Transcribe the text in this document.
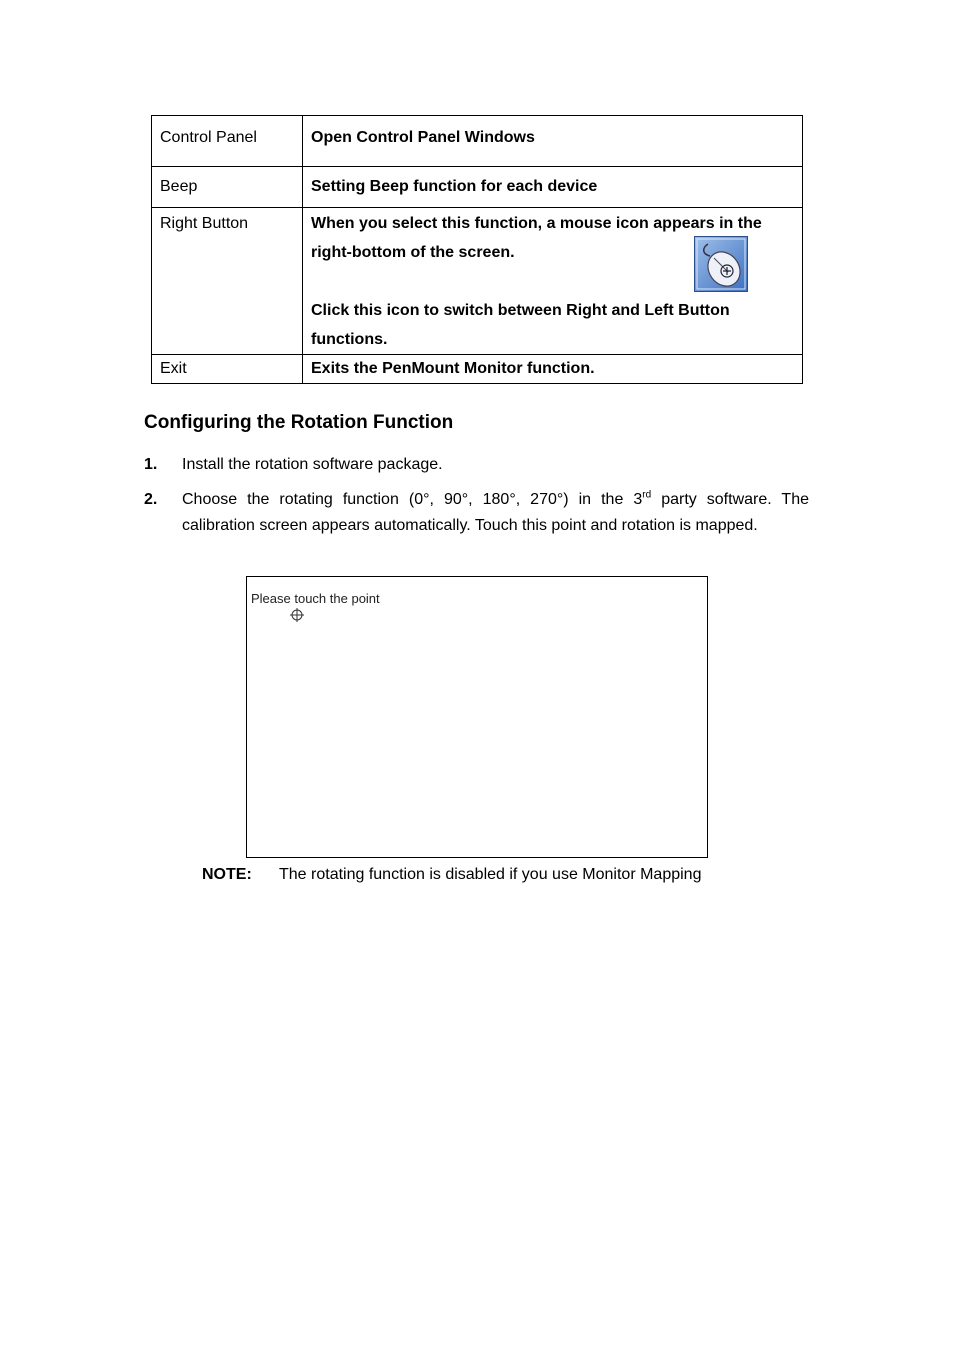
Control Panel	Open Control Panel Windows
Beep	Setting Beep function for each device
Right Button	When you select this function, a mouse icon appears in the right-bottom of the screen.
Click this icon to switch between Right and Left Button functions.

Exit	Exits the PenMount Monitor function.
Configuring the Rotation Function
1. Install the rotation software package.
2. Choose the rotating function (0°, 90°, 180°, 270°) in the 3rd party software. The calibration screen appears automatically. Touch this point and rotation is mapped.
Please touch the point
NOTE: The rotating function is disabled if you use Monitor Mapping
